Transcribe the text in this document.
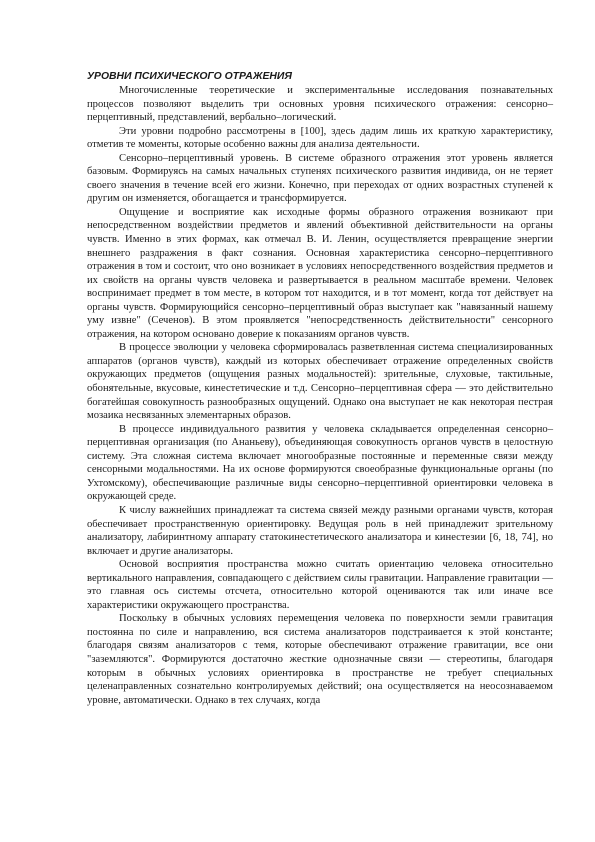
УРОВНИ ПСИХИЧЕСКОГО ОТРАЖЕНИЯ

Многочисленные теоретические и экспериментальные исследования познавательных процессов позволяют выделить три основных уровня психического отражения: сенсорно–перцептивный, представлений, вербально–логический.

Эти уровни подробно рассмотрены в [100], здесь дадим лишь их краткую характеристику, отметив те моменты, которые особенно важны для анализа деятельности.

Сенсорно–перцептивный уровень. В системе образного отражения этот уровень является базовым. Формируясь на самых начальных ступенях психического развития индивида, он не теряет своего значения в течение всей его жизни. Конечно, при переходах от одних возрастных ступеней к другим он изменяется, обогащается и трансформируется.

Ощущение и восприятие как исходные формы образного отражения возникают при непосредственном воздействии предметов и явлений объективной действительности на органы чувств. Именно в этих формах, как отмечал В. И. Ленин, осуществляется превращение энергии внешнего раздражения в факт сознания. Основная характеристика сенсорно–перцептивного отражения в том и состоит, что оно возникает в условиях непосредственного воздействия предметов и их свойств на органы чувств человека и развертывается в реальном масштабе времени. Человек воспринимает предмет в том месте, в котором тот находится, и в тот момент, когда тот действует на органы чувств. Формирующийся сенсорно–перцептивный образ выступает как "навязанный нашему уму извне" (Сеченов). В этом проявляется "непосредственность действительности" сенсорного отражения, на котором основано доверие к показаниям органов чувств.

В процессе эволюции у человека сформировалась разветвленная система специализированных аппаратов (органов чувств), каждый из которых обеспечивает отражение определенных свойств окружающих предметов (ощущения разных модальностей): зрительные, слуховые, тактильные, обонятельные, вкусовые, кинестетические и т.д. Сенсорно–перцептивная сфера — это действительно богатейшая совокупность разнообразных ощущений. Однако она выступает не как некоторая пестрая мозаика несвязанных элементарных образов.

В процессе индивидуального развития у человека складывается определенная сенсорно–перцептивная организация (по Ананьеву), объединяющая совокупность органов чувств в целостную систему. Эта сложная система включает многообразные постоянные и переменные связи между сенсорными модальностями. На их основе формируются своеобразные функциональные органы (по Ухтомскому), обеспечивающие различные виды сенсорно–перцептивной ориентировки человека в окружающей среде.

К числу важнейших принадлежат та система связей между разными органами чувств, которая обеспечивает пространственную ориентировку. Ведущая роль в ней принадлежит зрительному анализатору, лабиринтному аппарату статокинестетического анализатора и кинестезии [6, 18, 74], но включает и другие анализаторы.

Основой восприятия пространства можно считать ориентацию человека относительно вертикального направления, совпадающего с действием силы гравитации. Направление гравитации — это главная ось системы отсчета, относительно которой оцениваются так или иначе все характеристики окружающего пространства.

Поскольку в обычных условиях перемещения человека по поверхности земли гравитация постоянна по силе и направлению, вся система анализаторов подстраивается к этой константе; благодаря связям анализаторов с темя, которые обеспечивают отражение гравитации, все они "заземляются". Формируются достаточно жесткие однозначные связи — стереотипы, благодаря которым в обычных условиях ориентировка в пространстве не требует специальных целенаправленных сознательно контролируемых действий; она осуществляется на неосознаваемом уровне, автоматически. Однако в тех случаях, когда
